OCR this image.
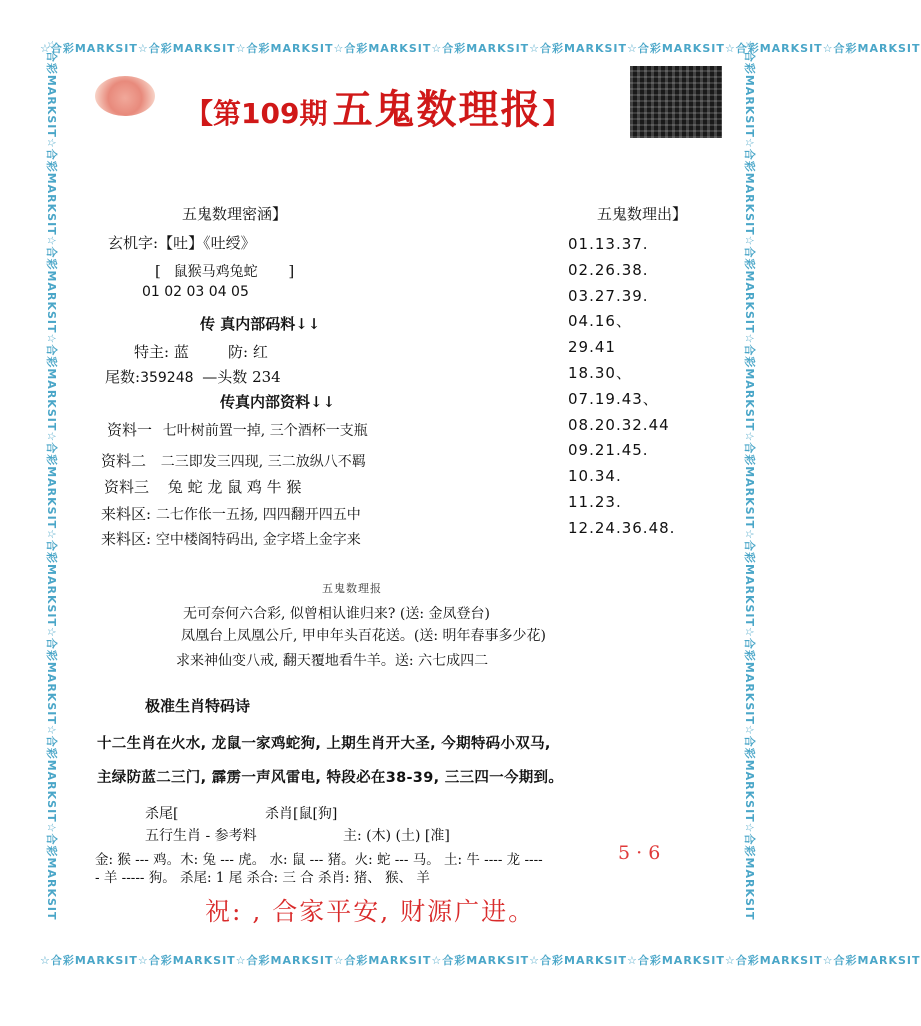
☆合彩MARKSIT☆合彩MARKSIT☆合彩MARKSIT☆合彩MARKSIT☆合彩MARKSIT☆合彩MARKSIT☆合彩MARKSIT☆合彩MARKSIT☆合彩MARKSIT
☆合彩MARKSIT☆合彩MARKSIT☆合彩MARKSIT☆合彩MARKSIT☆合彩MARKSIT☆合彩MARKSIT☆合彩MARKSIT☆合彩MARKSIT☆合彩MARKSIT
☆合彩MARKSIT☆合彩MARKSIT☆合彩MARKSIT☆合彩MARKSIT☆合彩MARKSIT☆合彩MARKSIT☆合彩MARKSIT☆合彩MARKSIT☆合彩MARKSIT	☆合彩MARKSIT☆合彩MARKSIT☆合彩MARKSIT☆合彩MARKSIT☆合彩MARKSIT☆合彩MARKSIT☆合彩MARKSIT☆合彩MARKSIT☆合彩MARKSIT
【第109期 五鬼数理报】
五鬼数理密涵】
玄机字:【吐】《吐绶》
[ 鼠猴马鸡兔蛇 ]
01 02 03 04 05
传 真内部码料↓↓
特主: 蓝	防: 红
尾数:359248 —头数 234
传真内部资料↓↓
资料一 七叶树前置一掉, 三个酒杯一支瓶
资料二 二三即发三四现, 三二放纵八不羁
资料三 兔 蛇 龙 鼠 鸡 牛 猴
来料区: 二七作伥一五扬, 四四翻开四五中
来料区: 空中楼阁特码出, 金字塔上金字来
五鬼数理出】
01.13.37.
02.26.38.
03.27.39.
04.16、
29.41
18.30、
07.19.43、
08.20.32.44
09.21.45.
10.34.
11.23.
12.24.36.48.
五鬼数理报
无可奈何六合彩, 似曾相认谁归来? (送: 金凤登台)
凤凰台上凤凰公斤, 甲申年头百花送。(送: 明年春事多少花)
求来神仙变八戒, 翻天覆地看牛羊。送: 六七成四二
极准生肖特码诗
十二生肖在火水, 龙鼠一家鸡蛇狗, 上期生肖开大圣, 今期特码小双马,
主绿防蓝二三门, 霹雳一声风雷电, 特段必在38-39, 三三四一今期到。
杀尾[	杀肖[鼠[狗]
五行生肖 - 参考料	主: (木) (土) [准]
金: 猴 --- 鸡。木: 兔 --- 虎。 水: 鼠 --- 猪。火: 蛇 --- 马。 土: 牛 ---- 龙 ----
- 羊 ----- 狗。 杀尾: 1 尾 杀合: 三 合 杀肖: 猪、 猴、 羊
5 · 6
祝: , 合家平安, 财源广进。
